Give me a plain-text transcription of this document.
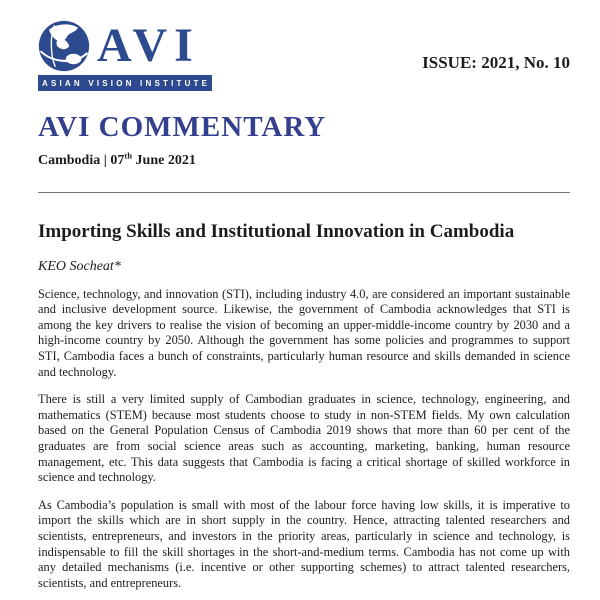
AVI
ASIAN VISION INSTITUTE
ISSUE: 2021, No. 10
AVI COMMENTARY
Cambodia | 07th June 2021
Importing Skills and Institutional Innovation in Cambodia
KEO Socheat*

Science, technology, and innovation (STI), including industry 4.0, are considered an important sustainable and inclusive development source. Likewise, the government of Cambodia acknowledges that STI is among the key drivers to realise the vision of becoming an upper-middle-income country by 2030 and a high-income country by 2050. Although the government has some policies and programmes to support STI, Cambodia faces a bunch of constraints, particularly human resource and skills demanded in science and technology.

There is still a very limited supply of Cambodian graduates in science, technology, engineering, and mathematics (STEM) because most students choose to study in non-STEM fields. My own calculation based on the General Population Census of Cambodia 2019 shows that more than 60 per cent of the graduates are from social science areas such as accounting, marketing, banking, human resource management, etc. This data suggests that Cambodia is facing a critical shortage of skilled workforce in science and technology.

As Cambodia’s population is small with most of the labour force having low skills, it is imperative to import the skills which are in short supply in the country. Hence, attracting talented researchers and scientists, entrepreneurs, and investors in the priority areas, particularly in science and technology, is indispensable to fill the skill shortages in the short-and-medium terms. Cambodia has not come up with any detailed mechanisms (i.e. incentive or other supporting schemes) to attract talented researchers, scientists, and entrepreneurs.
